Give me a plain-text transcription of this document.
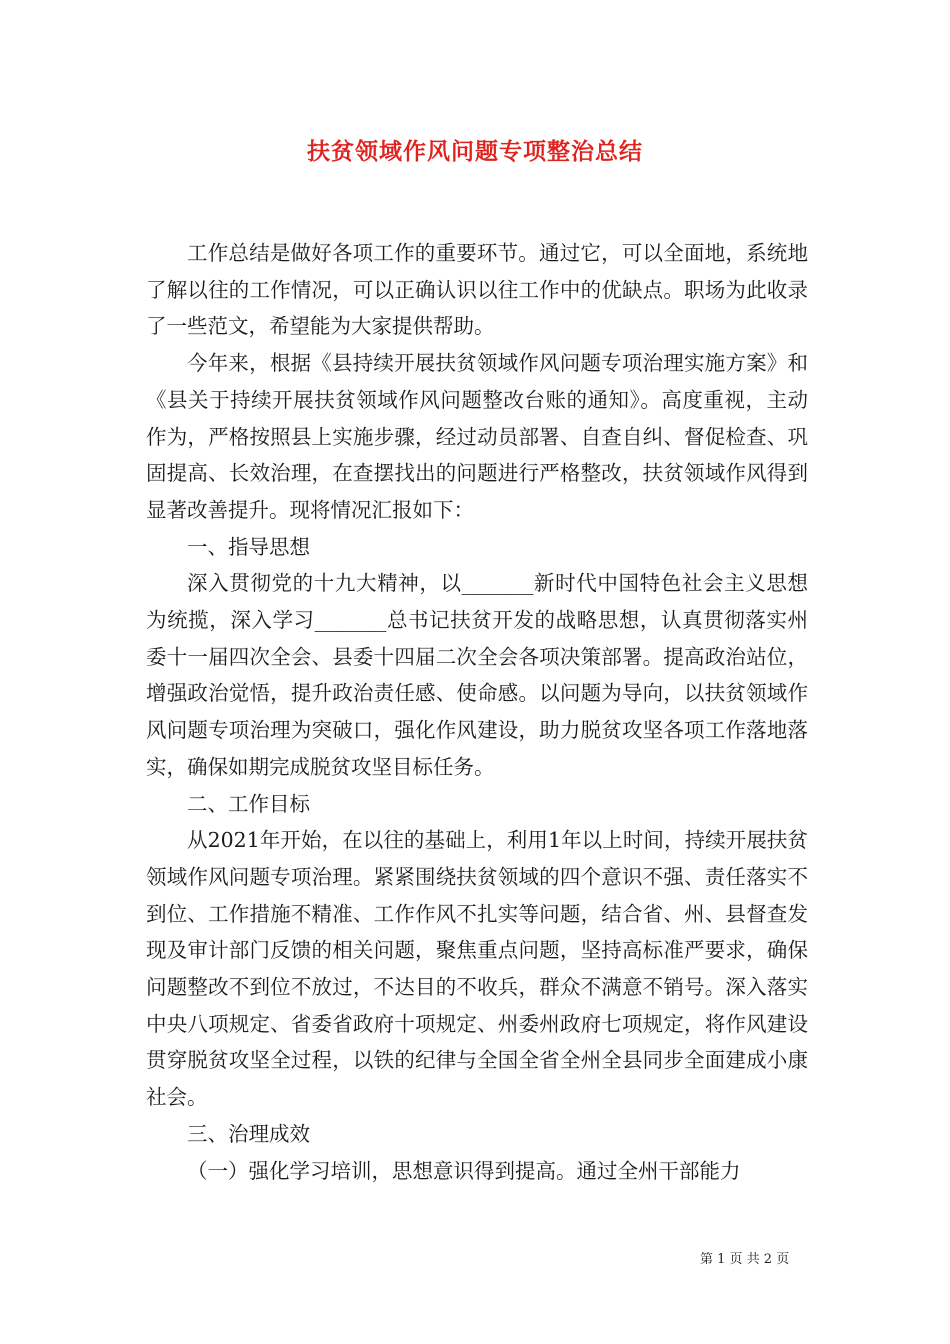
扶贫领域作风问题专项整治总结

工作总结是做好各项工作的重要环节。通过它，可以全面地，系统地了解以往的工作情况，可以正确认识以往工作中的优缺点。职场为此收录了一些范文，希望能为大家提供帮助。

今年来，根据《县持续开展扶贫领域作风问题专项治理实施方案》和《县关于持续开展扶贫领域作风问题整改台账的通知》。高度重视，主动作为，严格按照县上实施步骤，经过动员部署、自查自纠、督促检查、巩固提高、长效治理，在查摆找出的问题进行严格整改，扶贫领域作风得到显著改善提升。现将情况汇报如下：

一、指导思想

深入贯彻党的十九大精神，以_______新时代中国特色社会主义思想为统揽，深入学习_______总书记扶贫开发的战略思想，认真贯彻落实州委十一届四次全会、县委十四届二次全会各项决策部署。提高政治站位，增强政治觉悟，提升政治责任感、使命感。以问题为导向，以扶贫领域作风问题专项治理为突破口，强化作风建设，助力脱贫攻坚各项工作落地落实，确保如期完成脱贫攻坚目标任务。

二、工作目标

从2021年开始，在以往的基础上，利用1年以上时间，持续开展扶贫领域作风问题专项治理。紧紧围绕扶贫领域的四个意识不强、责任落实不到位、工作措施不精准、工作作风不扎实等问题，结合省、州、县督查发现及审计部门反馈的相关问题，聚焦重点问题，坚持高标准严要求，确保问题整改不到位不放过，不达目的不收兵，群众不满意不销号。深入落实中央八项规定、省委省政府十项规定、州委州政府七项规定，将作风建设贯穿脱贫攻坚全过程，以铁的纪律与全国全省全州全县同步全面建成小康社会。

三、治理成效

（一）强化学习培训，思想意识得到提高。通过全州干部能力

第 1 页 共 2 页
